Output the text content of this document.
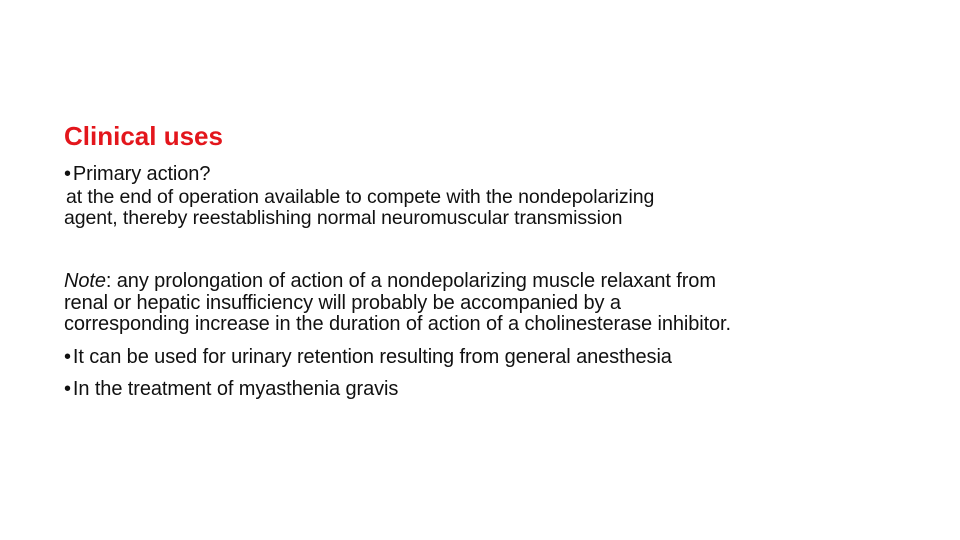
Clinical uses
• Primary action?
at the end of operation available to compete with the nondepolarizing
agent, thereby reestablishing normal neuromuscular transmission
Note: any prolongation of action of a nondepolarizing muscle relaxant from
renal or hepatic insufficiency will probably be accompanied by a
corresponding increase in the duration of action of a cholinesterase inhibitor.
• It can be used for urinary retention resulting from general anesthesia
• In the treatment of myasthenia gravis
